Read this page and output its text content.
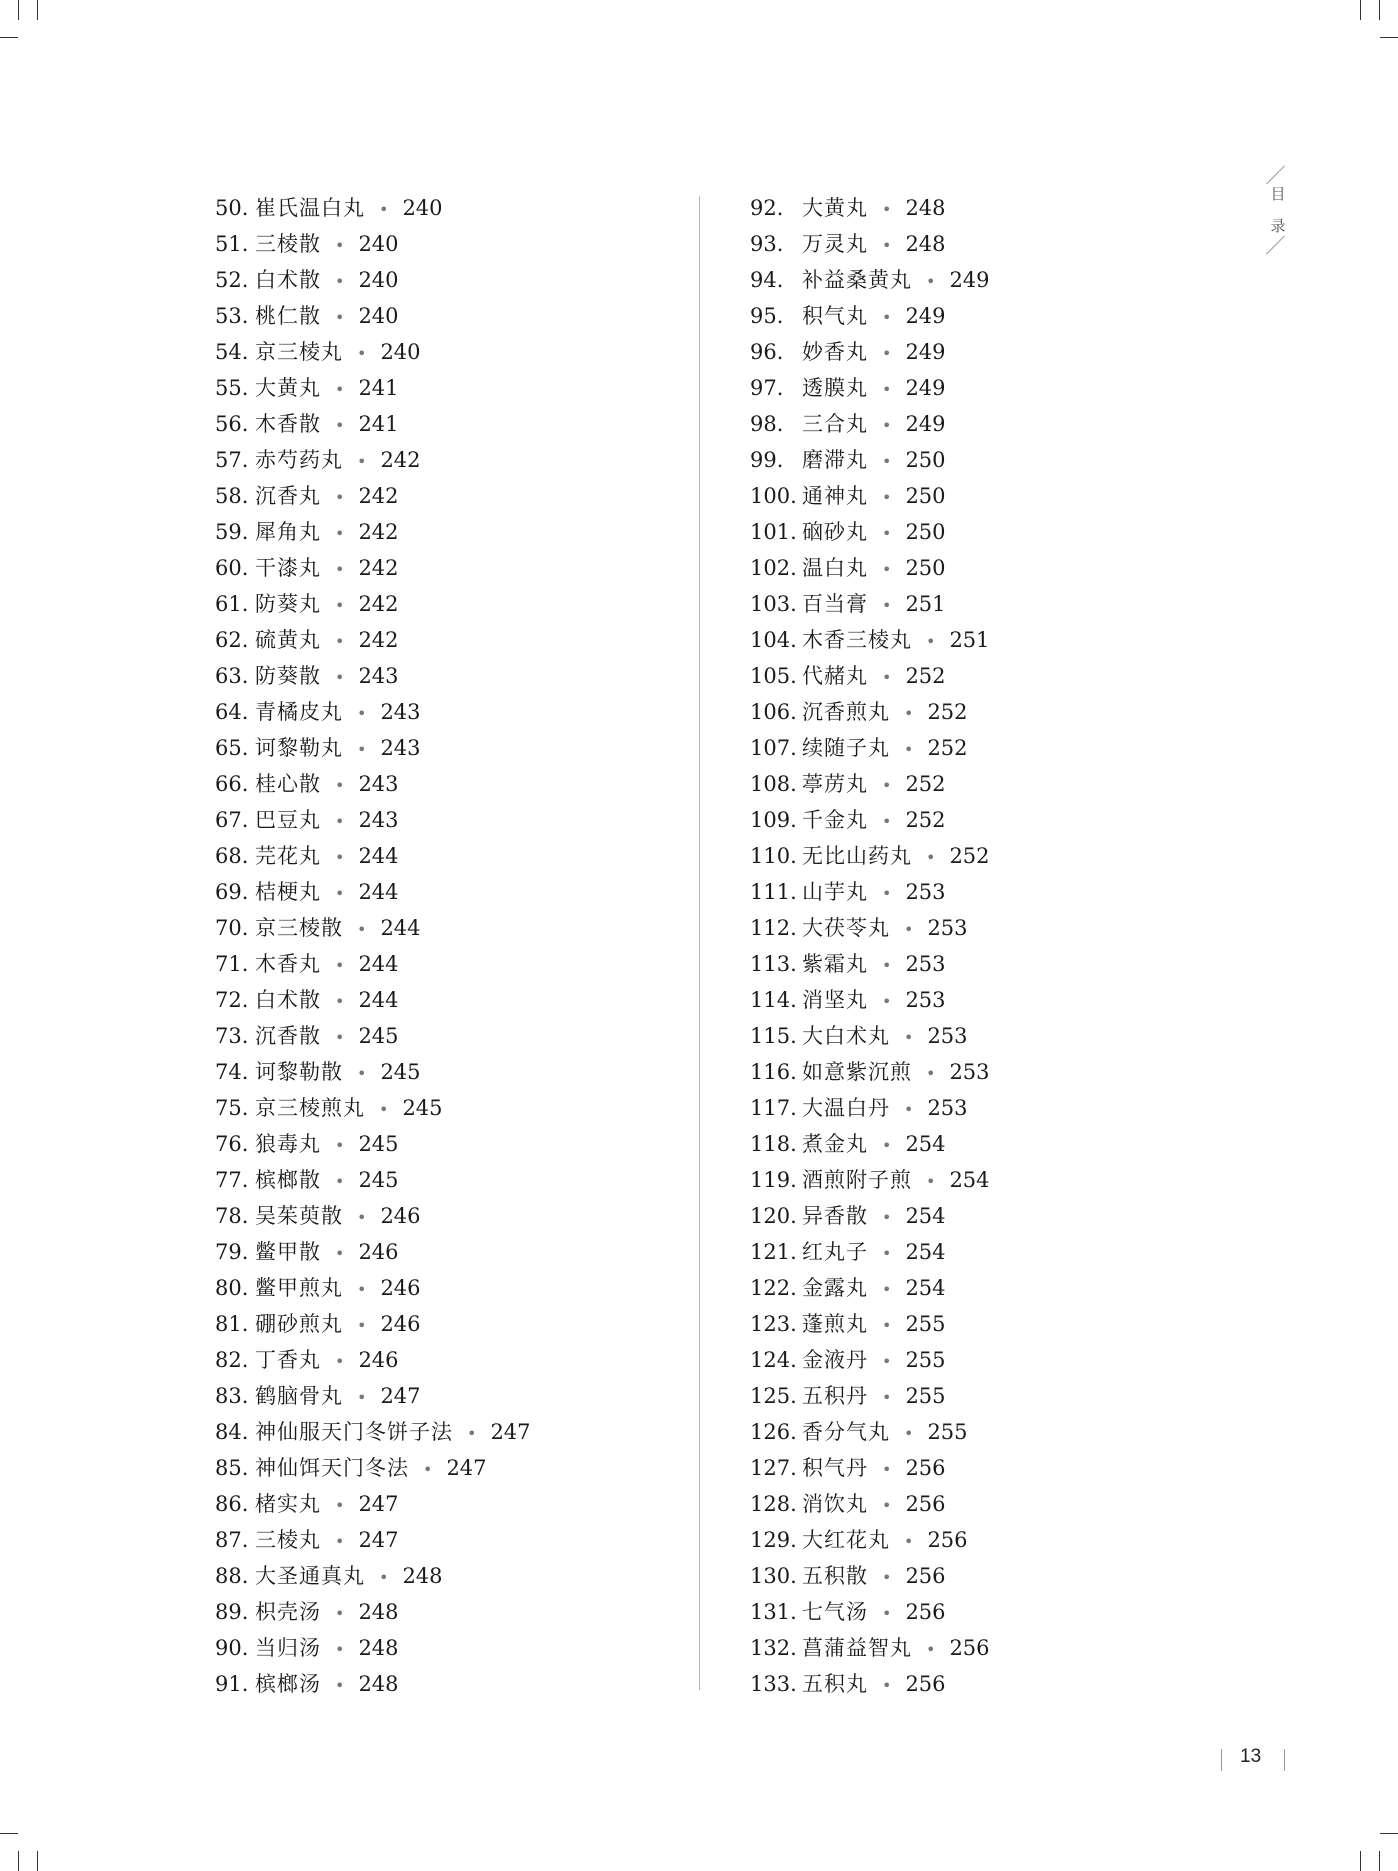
目
录
50. 崔氏温白丸 • 240
51. 三棱散 • 240
52. 白术散 • 240
53. 桃仁散 • 240
54. 京三棱丸 • 240
55. 大黄丸 • 241
56. 木香散 • 241
57. 赤芍药丸 • 242
58. 沉香丸 • 242
59. 犀角丸 • 242
60. 干漆丸 • 242
61. 防葵丸 • 242
62. 硫黄丸 • 242
63. 防葵散 • 243
64. 青橘皮丸 • 243
65. 诃黎勒丸 • 243
66. 桂心散 • 243
67. 巴豆丸 • 243
68. 芫花丸 • 244
69. 桔梗丸 • 244
70. 京三棱散 • 244
71. 木香丸 • 244
72. 白术散 • 244
73. 沉香散 • 245
74. 诃黎勒散 • 245
75. 京三棱煎丸 • 245
76. 狼毒丸 • 245
77. 槟榔散 • 245
78. 吴茱萸散 • 246
79. 鳖甲散 • 246
80. 鳖甲煎丸 • 246
81. 硼砂煎丸 • 246
82. 丁香丸 • 246
83. 鹤脑骨丸 • 247
84. 神仙服天门冬饼子法 • 247
85. 神仙饵天门冬法 • 247
86. 楮实丸 • 247
87. 三棱丸 • 247
88. 大圣通真丸 • 248
89. 枳壳汤 • 248
90. 当归汤 • 248
91. 槟榔汤 • 248
92. 大黄丸 • 248
93. 万灵丸 • 248
94. 补益桑黄丸 • 249
95. 积气丸 • 249
96. 妙香丸 • 249
97. 透膜丸 • 249
98. 三合丸 • 249
99. 磨滞丸 • 250
100. 通神丸 • 250
101. 硇砂丸 • 250
102. 温白丸 • 250
103. 百当膏 • 251
104. 木香三棱丸 • 251
105. 代赭丸 • 252
106. 沉香煎丸 • 252
107. 续随子丸 • 252
108. 葶苈丸 • 252
109. 千金丸 • 252
110. 无比山药丸 • 252
111. 山芋丸 • 253
112. 大茯苓丸 • 253
113. 紫霜丸 • 253
114. 消坚丸 • 253
115. 大白术丸 • 253
116. 如意紫沉煎 • 253
117. 大温白丹 • 253
118. 煮金丸 • 254
119. 酒煎附子煎 • 254
120. 异香散 • 254
121. 红丸子 • 254
122. 金露丸 • 254
123. 蓬煎丸 • 255
124. 金液丹 • 255
125. 五积丹 • 255
126. 香分气丸 • 255
127. 积气丹 • 256
128. 消饮丸 • 256
129. 大红花丸 • 256
130. 五积散 • 256
131. 七气汤 • 256
132. 菖蒲益智丸 • 256
133. 五积丸 • 256
13
